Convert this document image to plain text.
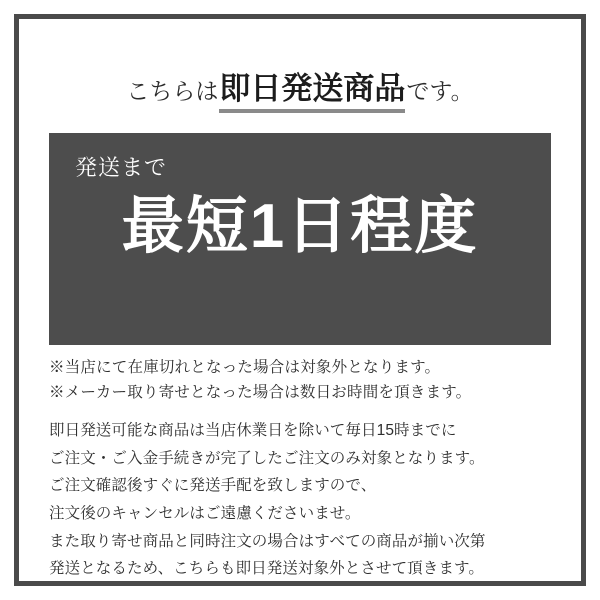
こちらは 即日発送商品 です。
発送まで
最短1日程度
※当店にて在庫切れとなった場合は対象外となります。
※メーカー取り寄せとなった場合は数日お時間を頂きます。
即日発送可能な商品は当店休業日を除いて毎日15時までに
ご注文・ご入金手続きが完了したご注文のみ対象となります。
ご注文確認後すぐに発送手配を致しますので、
注文後のキャンセルはご遠慮くださいませ。
また取り寄せ商品と同時注文の場合はすべての商品が揃い次第
発送となるため、こちらも即日発送対象外とさせて頂きます。
